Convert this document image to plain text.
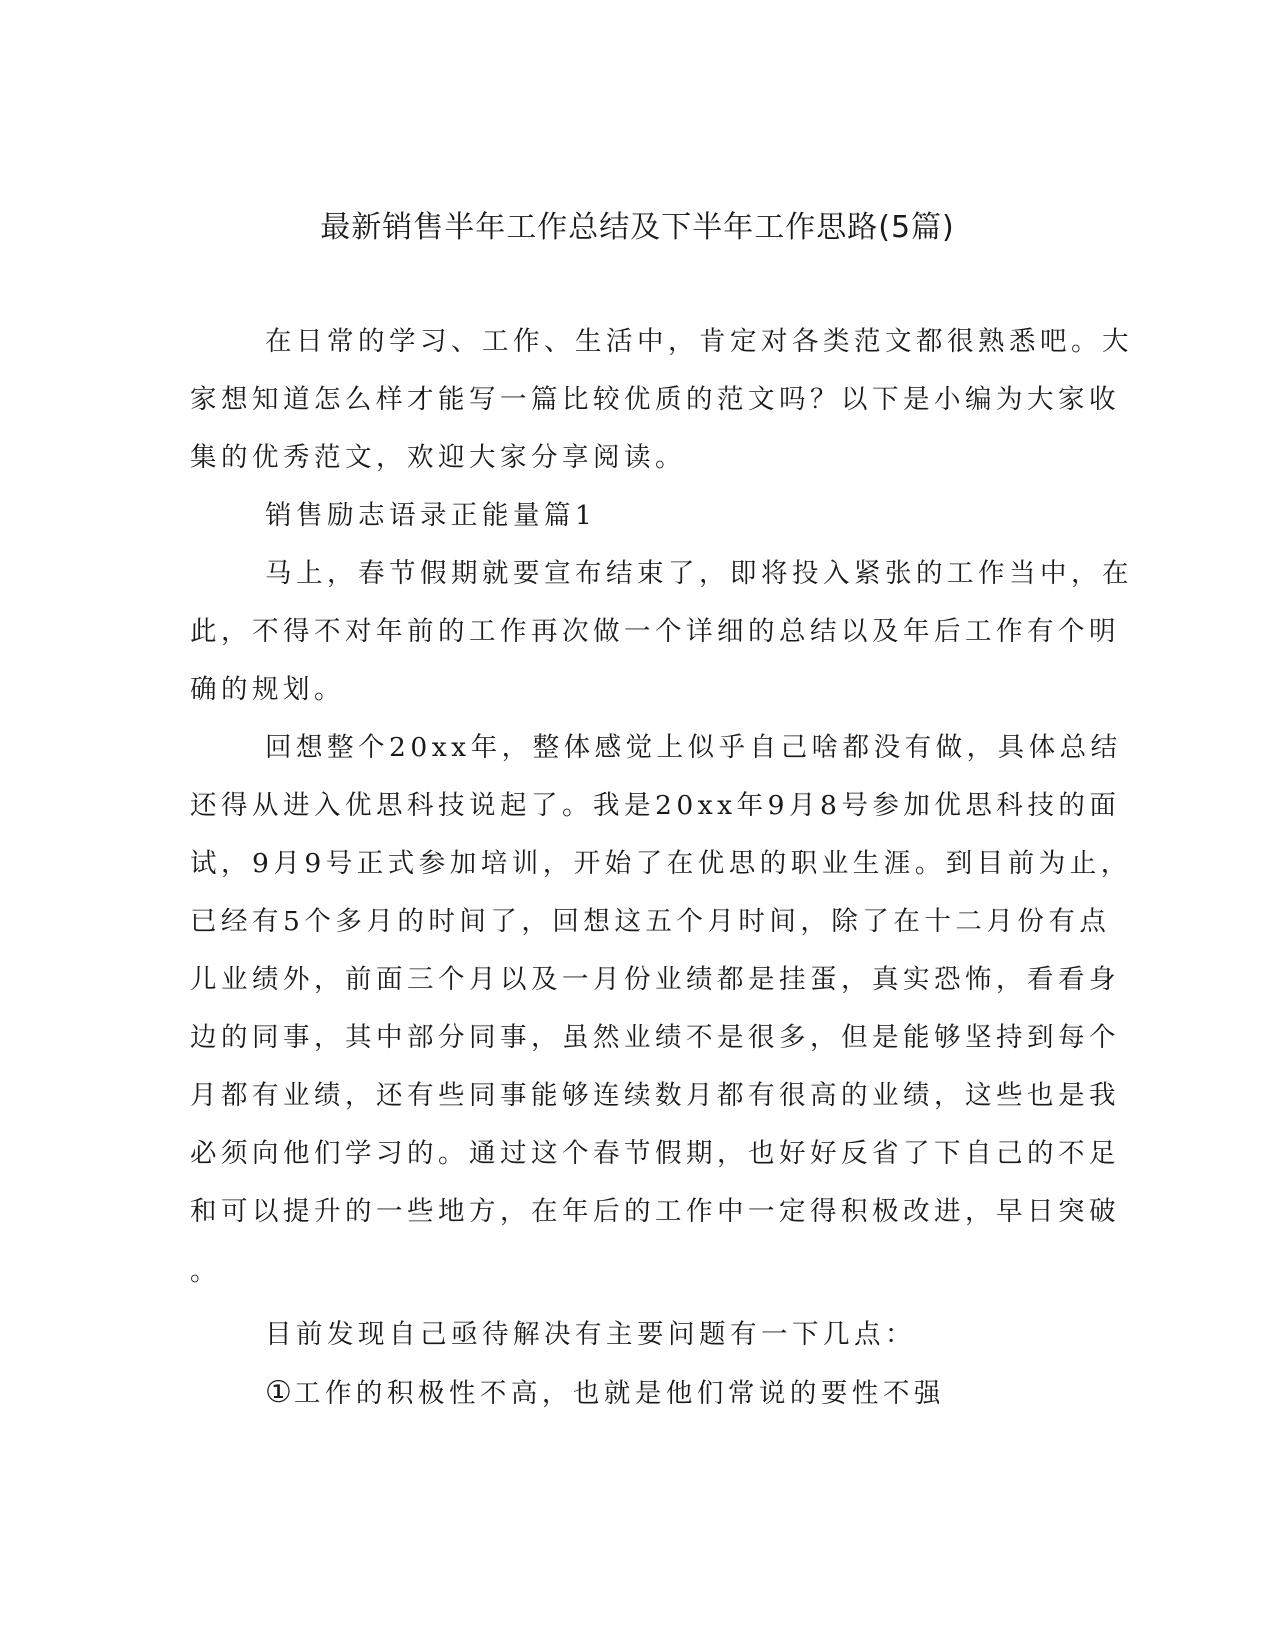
最新销售半年工作总结及下半年工作思路(5篇)
在日常的学习、工作、生活中，肯定对各类范文都很熟悉吧。大
家想知道怎么样才能写一篇比较优质的范文吗？以下是小编为大家收
集的优秀范文，欢迎大家分享阅读。
销售励志语录正能量篇1
马上，春节假期就要宣布结束了，即将投入紧张的工作当中，在
此，不得不对年前的工作再次做一个详细的总结以及年后工作有个明
确的规划。
回想整个20xx年，整体感觉上似乎自己啥都没有做，具体总结
还得从进入优思科技说起了。我是20xx年9月8号参加优思科技的面
试，9月9号正式参加培训，开始了在优思的职业生涯。到目前为止，
已经有5个多月的时间了，回想这五个月时间，除了在十二月份有点
儿业绩外，前面三个月以及一月份业绩都是挂蛋，真实恐怖，看看身
边的同事，其中部分同事，虽然业绩不是很多，但是能够坚持到每个
月都有业绩，还有些同事能够连续数月都有很高的业绩，这些也是我
必须向他们学习的。通过这个春节假期，也好好反省了下自己的不足
和可以提升的一些地方，在年后的工作中一定得积极改进，早日突破
。
目前发现自己亟待解决有主要问题有一下几点：
①工作的积极性不高，也就是他们常说的要性不强
